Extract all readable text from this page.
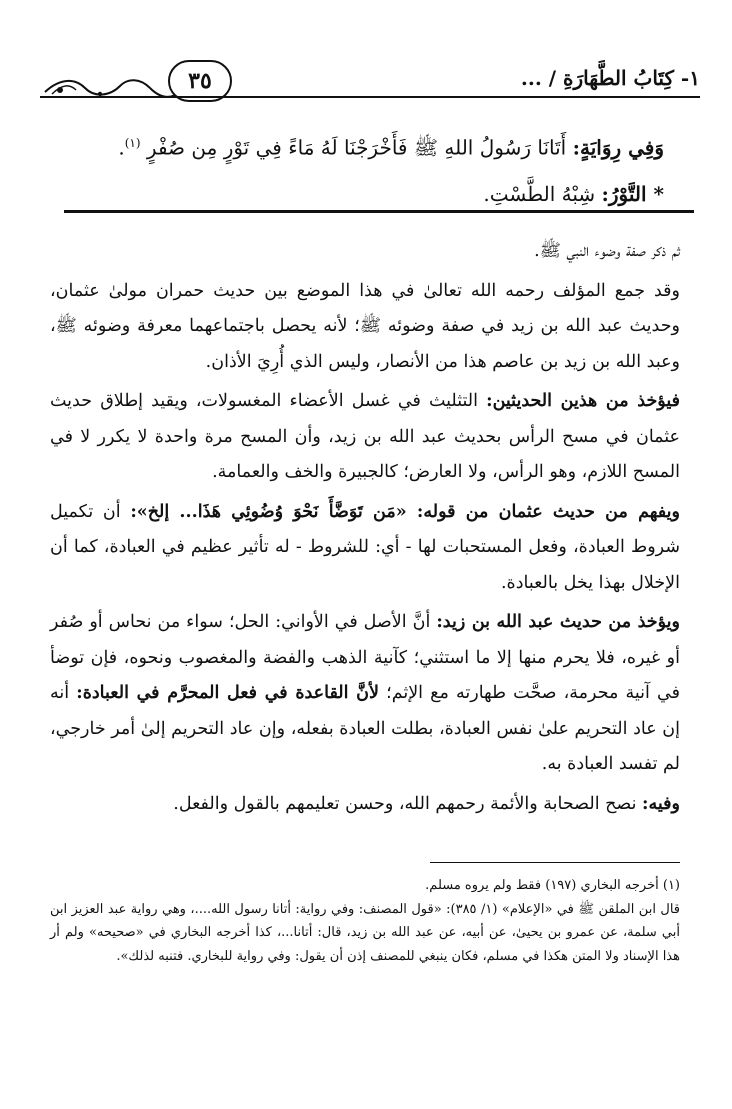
١- كِتَابُ الطَّهَارَةِ / ...
٣٥
وَفِي رِوَايَةٍ: أَتَانَا رَسُولُ اللهِ ﷺ فَأَخْرَجْنَا لَهُ مَاءً فِي تَوْرٍ مِن صُفْرٍ $^{(١)}$.
* التَّوْرُ: شِبْهُ الطَّسْتِ.

ثم ذكر صفة وضوء النبي ﷺ.

وقد جمع المؤلف رحمه الله تعالىٰ في هذا الموضع بين حديث حمران مولىٰ عثمان، وحديث عبد الله بن زيد في صفة وضوئه ﷺ؛ لأنه يحصل باجتماعهما معرفة وضوئه ﷺ، وعبد الله بن زيد بن عاصم هذا من الأنصار، وليس الذي أُرِيَ الأذان.

فيؤخذ من هذين الحديثين: التثليث في غسل الأعضاء المغسولات، ويقيد إطلاق حديث عثمان في مسح الرأس بحديث عبد الله بن زيد، وأن المسح مرة واحدة لا يكرر لا في المسح اللازم، وهو الرأس، ولا العارض؛ كالجبيرة والخف والعمامة.

ويفهم من حديث عثمان من قوله: «مَن تَوَضَّأَ نَحْوَ وُضُوئِي هَذَا... إلخ»: أن تكميل شروط العبادة، وفعل المستحبات لها - أي: للشروط - له تأثير عظيم في العبادة، كما أن الإخلال بهذا يخل بالعبادة.

ويؤخذ من حديث عبد الله بن زيد: أنَّ الأصل في الأواني: الحل؛ سواء من نحاس أو صُفر أو غيره، فلا يحرم منها إلا ما استثني؛ كآنية الذهب والفضة والمغصوب ونحوه، فإن توضأ في آنية محرمة، صحَّت طهارته مع الإثم؛ لأنَّ القاعدة في فعل المحرَّم في العبادة: أنه إن عاد التحريم علىٰ نفس العبادة، بطلت العبادة بفعله، وإن عاد التحريم إلىٰ أمر خارجي، لم تفسد العبادة به.

وفيه: نصح الصحابة والأئمة رحمهم الله، وحسن تعليمهم بالقول والفعل.

(١) أخرجه البخاري (١٩٧) فقط ولم يروه مسلم.

قال ابن الملقن ﷺ في «الإعلام» (١/ ٣٨٥): «قول المصنف: وفي رواية: أتانا رسول الله....، وهي رواية عبد العزيز ابن أبي سلمة، عن عمرو بن يحيىٰ، عن أبيه، عن عبد الله بن زيد، قال: أتانا...، كذا أخرجه البخاري في «صحيحه» ولم أر هذا الإسناد ولا المتن هكذا في مسلم، فكان ينبغي للمصنف إذن أن يقول: وفي رواية للبخاري. فتنبه لذلك».
